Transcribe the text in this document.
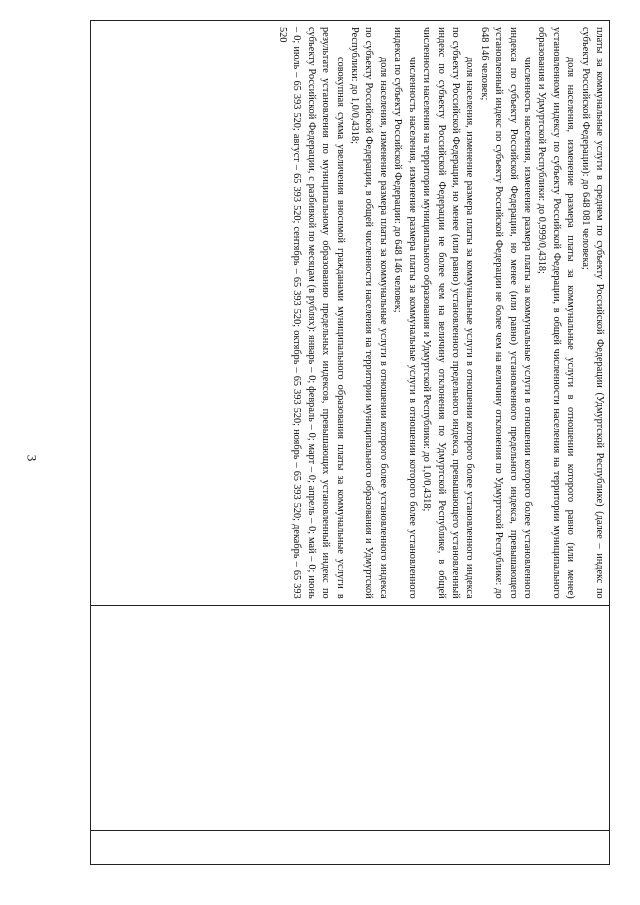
3	платы за коммунальные услуги в среднем по субъекту Российской Федерации (Удмуртской Республике) (далее – индекс по субъекту Российской Федерации): до 648 081 человека;

доля населения, изменение размера платы за коммунальные услуги в отношении которого равно (или менее) установленному индексу по субъекту Российской Федерации, в общей численности населения на территории муниципального образования и Удмуртской Республики: до 0,999/0,4318;

численность населения, изменение размера платы за коммунальные услуги в отношении которого более установленного индекса по субъекту Российской Федерации, но менее (или равно) установленного предельного индекса, превышающего установленный индекс по субъекту Российской Федерации не более чем на величину отклонения по Удмуртской Республике: до 648 146 человек;

доля населения, изменение размера платы за коммунальные услуги в отношении которого более установленного индекса по субъекту Российской Федерации, но менее (или равно) установленного предельного индекса, превышающего установленный индекс по субъекту Российской Федерации не более чем на величину отклонения по Удмуртской Республике, в общей численности населения на территории муниципального образования и Удмуртской Республики: до 1,0/0,4318;

численность населения, изменение размера платы за коммунальные услуги в отношении которого более установленного индекса по субъекту Российской Федерации: до 648 146 человек;

доля населения, изменение размера платы за коммунальные услуги в отношении которого более установленного индекса по субъекту Российской Федерации, в общей численности населения на территории муниципального образования и Удмуртской Республики: до 1,0/0,4318;

совокупная сумма увеличения вносимой гражданами муниципального образования платы за коммунальные услуги в результате установления по муниципальному образованию предельных индексов, превышающих установленный индекс по субъекту Российской Федерации, с разбивкой по месяцам (в рублях): январь – 0; февраль – 0; март – 0; апрель – 0; май – 0; июнь – 0; июль – 65 393 520; август – 65 393 520; сентябрь – 65 393 520; октябрь – 65 393 520; ноябрь – 65 393 520; декабрь – 65 393 520
